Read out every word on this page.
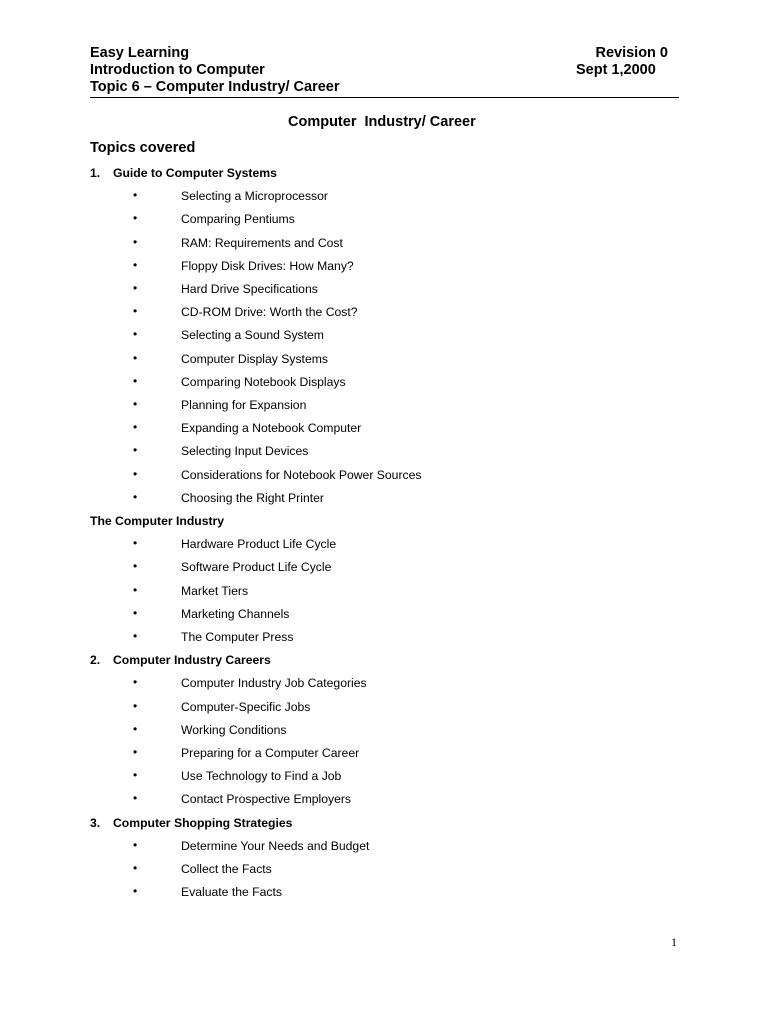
Easy Learning
Introduction to Computer
Topic 6 – Computer Industry/ Career
Revision 0
Sept 1,2000
Computer  Industry/ Career
Topics covered
1. Guide to Computer Systems
•	Selecting a Microprocessor
•	Comparing Pentiums
•	RAM: Requirements and Cost
•	Floppy Disk Drives: How Many?
•	Hard Drive Specifications
•	CD-ROM Drive: Worth the Cost?
•	Selecting a Sound System
•	Computer Display Systems
•	Comparing Notebook Displays
•	Planning for Expansion
•	Expanding a Notebook Computer
•	Selecting Input Devices
•	Considerations for Notebook Power Sources
•	Choosing the Right Printer
The Computer Industry
•	Hardware Product Life Cycle
•	Software Product Life Cycle
•	Market Tiers
•	Marketing Channels
•	The Computer Press
2. Computer Industry Careers
•	Computer Industry Job Categories
•	Computer-Specific Jobs
•	Working Conditions
•	Preparing for a Computer Career
•	Use Technology to Find a Job
•	Contact Prospective Employers
3. Computer Shopping Strategies
•	Determine Your Needs and Budget
•	Collect the Facts
•	Evaluate the Facts
1
